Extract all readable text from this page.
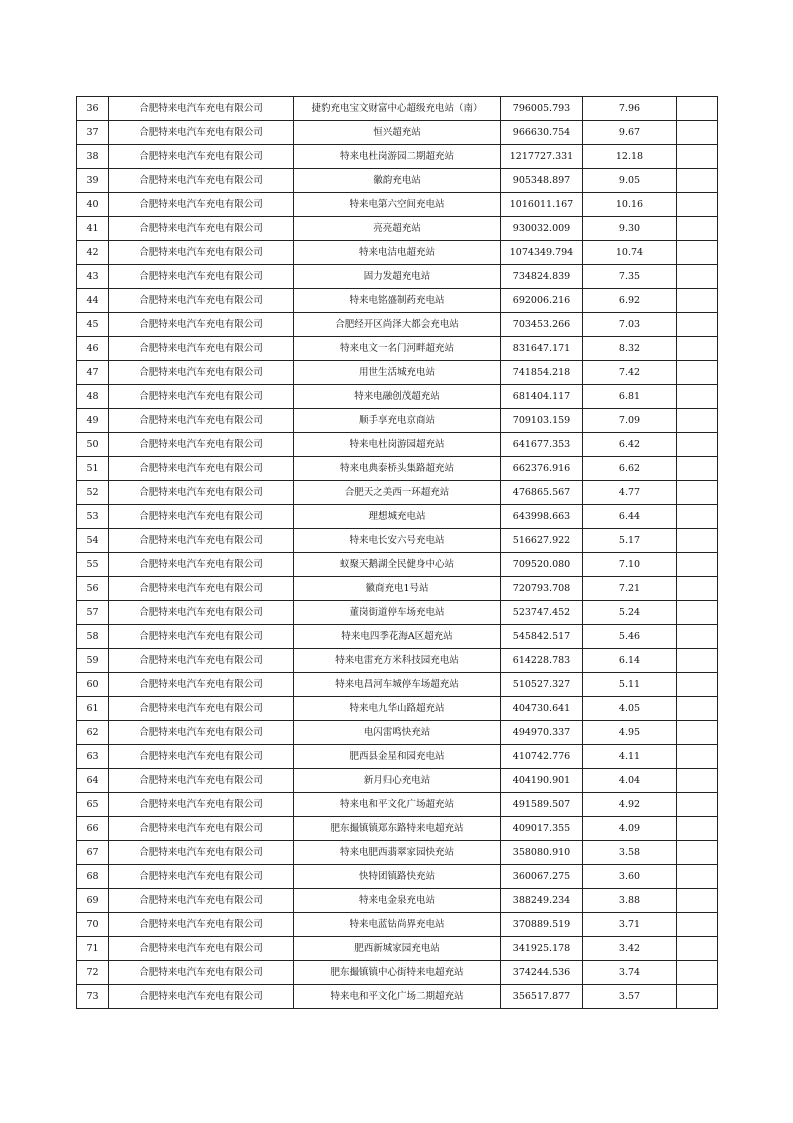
36	合肥特来电汽车充电有限公司	捷豹充电宝文财富中心超级充电站（南）	796005.793	7.96	
37	合肥特来电汽车充电有限公司	恒兴超充站	966630.754	9.67	
38	合肥特来电汽车充电有限公司	特来电杜岗游园二期超充站	1217727.331	12.18	
39	合肥特来电汽车充电有限公司	徽韵充电站	905348.897	9.05	
40	合肥特来电汽车充电有限公司	特来电第六空间充电站	1016011.167	10.16	
41	合肥特来电汽车充电有限公司	亮亮超充站	930032.009	9.30	
42	合肥特来电汽车充电有限公司	特来电洁电超充站	1074349.794	10.74	
43	合肥特来电汽车充电有限公司	固力发超充电站	734824.839	7.35	
44	合肥特来电汽车充电有限公司	特来电铭盛制药充电站	692006.216	6.92	
45	合肥特来电汽车充电有限公司	合肥经开区尚泽大都会充电站	703453.266	7.03	
46	合肥特来电汽车充电有限公司	特来电文一名门河畔超充站	831647.171	8.32	
47	合肥特来电汽车充电有限公司	用世生活城充电站	741854.218	7.42	
48	合肥特来电汽车充电有限公司	特来电融创茂超充站	681404.117	6.81	
49	合肥特来电汽车充电有限公司	顺手享充电京商站	709103.159	7.09	
50	合肥特来电汽车充电有限公司	特来电杜岗游园超充站	641677.353	6.42	
51	合肥特来电汽车充电有限公司	特来电典泰桥头集路超充站	662376.916	6.62	
52	合肥特来电汽车充电有限公司	合肥天之美西一环超充站	476865.567	4.77	
53	合肥特来电汽车充电有限公司	理想城充电站	643998.663	6.44	
54	合肥特来电汽车充电有限公司	特来电长安六号充电站	516627.922	5.17	
55	合肥特来电汽车充电有限公司	蚁聚天鹅湖全民健身中心站	709520.080	7.10	
56	合肥特来电汽车充电有限公司	徽商充电1号站	720793.708	7.21	
57	合肥特来电汽车充电有限公司	董岗街道停车场充电站	523747.452	5.24	
58	合肥特来电汽车充电有限公司	特来电四季花海A区超充站	545842.517	5.46	
59	合肥特来电汽车充电有限公司	特来电雷充方米科技园充电站	614228.783	6.14	
60	合肥特来电汽车充电有限公司	特来电昌河车城停车场超充站	510527.327	5.11	
61	合肥特来电汽车充电有限公司	特来电九华山路超充站	404730.641	4.05	
62	合肥特来电汽车充电有限公司	电闪雷鸣快充站	494970.337	4.95	
63	合肥特来电汽车充电有限公司	肥西县金星和园充电站	410742.776	4.11	
64	合肥特来电汽车充电有限公司	新月归心充电站	404190.901	4.04	
65	合肥特来电汽车充电有限公司	特来电和平文化广场超充站	491589.507	4.92	
66	合肥特来电汽车充电有限公司	肥东撮镇镇郑东路特来电超充站	409017.355	4.09	
67	合肥特来电汽车充电有限公司	特来电肥西翡翠家园快充站	358080.910	3.58	
68	合肥特来电汽车充电有限公司	快特团镇路快充站	360067.275	3.60	
69	合肥特来电汽车充电有限公司	特来电金泉充电站	388249.234	3.88	
70	合肥特来电汽车充电有限公司	特来电蓝钻尚界充电站	370889.519	3.71	
71	合肥特来电汽车充电有限公司	肥西新城家园充电站	341925.178	3.42	
72	合肥特来电汽车充电有限公司	肥东撮镇镇中心街特来电超充站	374244.536	3.74	
73	合肥特来电汽车充电有限公司	特来电和平文化广场二期超充站	356517.877	3.57	
